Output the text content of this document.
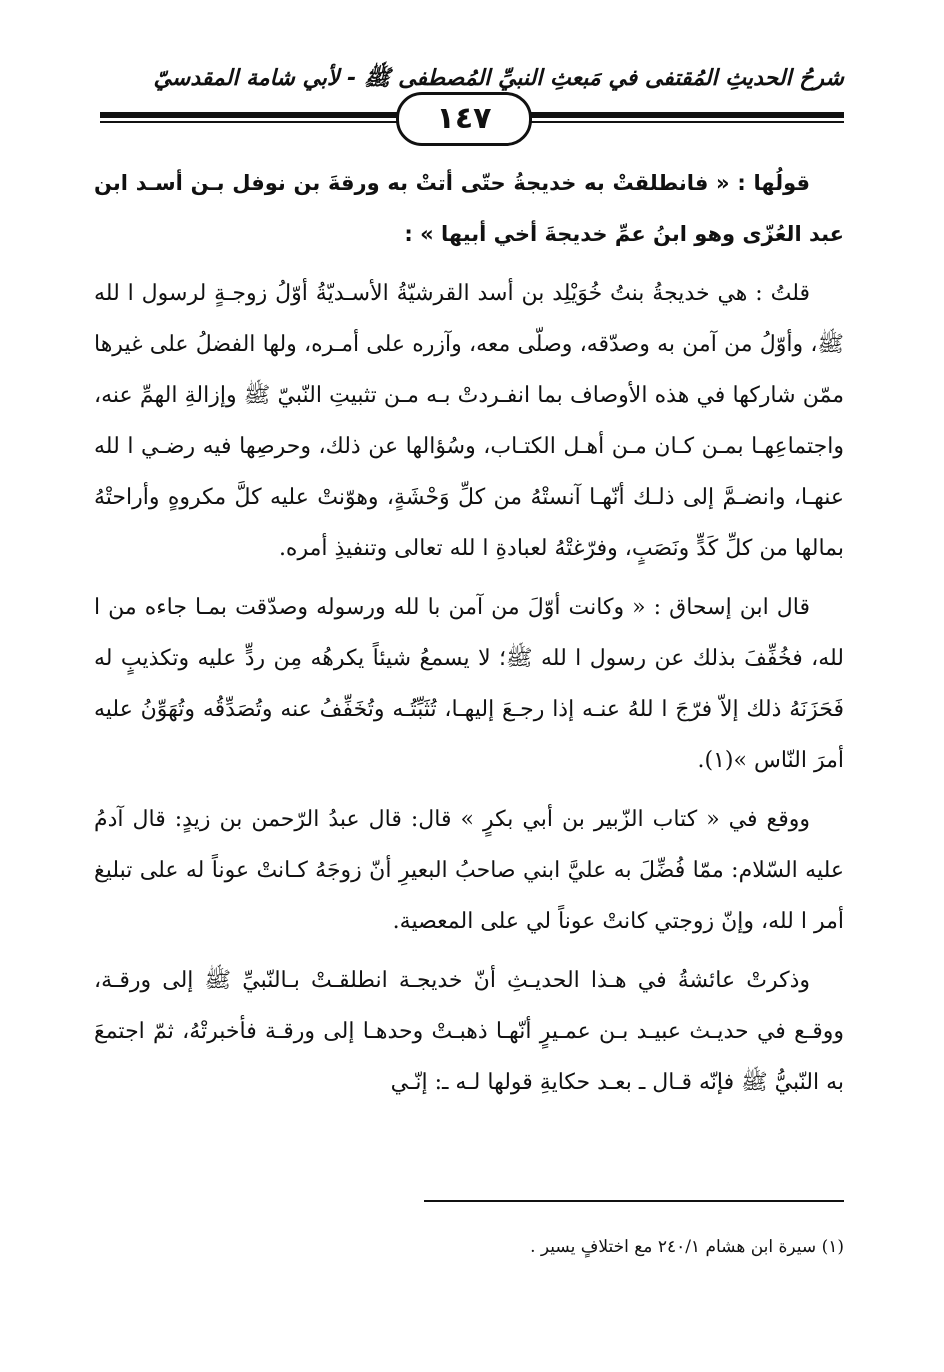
شرحُ الحديثِ المُقتفى في مَبعثِ النبيِّ المُصطفى ﷺ - لأبي شامة المقدسيّ
١٤٧

قولُها : « فانطلقتْ به خديجةُ حتّى أتتْ به ورقةَ بن نوفل بـن أسـد ابن عبد العُزّى وهو ابنُ عمِّ خديجةَ أخي أبيها » :

قلتُ : هي خديجةُ بنتُ خُوَيْلِد بن أسد القرشيّةُ الأسـديّةُ أوّلُ زوجـةٍ لرسول ا لله ﷺ، وأوّلُ من آمن به وصدّقه، وصلّى معه، وآزره على أمـره، ولها الفضلُ على غيرها ممّن شاركها في هذه الأوصاف بما انفـردتْ بـه مـن تثبيتِ النّبيّ ﷺ وإزالةِ الهمِّ عنه، واجتماعِهـا بمـن كـان مـن أهـل الكتـاب، وسُؤالها عن ذلك، وحرصِها فيه رضـي ا لله عنهـا، وانضـمَّ إلى ذلـك أنّهـا آنستْهُ من كلِّ وَحْشَةٍ، وهوّنتْ عليه كلَّ مكروهٍ وأراحتْهُ بمالها من كلِّ كَدٍّ ونَصَبٍ، وفرّغتْهُ لعبادةِ ا لله تعالى وتنفيذِ أمره.

قال ابن إسحاق : « وكانت أوّلَ من آمن با لله ورسوله وصدّقت بمـا جاءه من ا لله، فخُفِّفَ بذلك عن رسول ا لله ﷺ؛ لا يسمعُ شيئاً يكرهُه مِن ردٍّ عليه وتكذيبٍ له فَحَزَنَهُ ذلك إلاّ فرّجَ ا للهُ عنـه إذا رجـعَ إليهـا، تُثَبِّتُـه وتُخَفِّفُ عنه وتُصَدِّقُه وتُهَوِّنُ عليه أمرَ النّاس »(١).

ووقع في « كتاب الزّبير بن أبي بكرٍ » قال: قال عبدُ الرّحمن بن زيدٍ: قال آدمُ عليه السّلام: ممّا فُضِّلَ به عليَّ ابني صاحبُ البعيرِ أنّ زوجَهُ كـانتْ عوناً له على تبليغ أمر ا لله، وإنّ زوجتي كانتْ عوناً لي على المعصية.

وذكرتْ عائشةُ في هـذا الحديـثِ أنّ خديجـة انطلقـتْ بـالنّبيِّ ﷺ إلى ورقـة، ووقـع في حديـث عبيـد بـن عمـيرٍ أنّهـا ذهبـتْ وحدهـا إلى ورقـة فأخبرتْهُ، ثمّ اجتمعَ به النّبيُّ ﷺ فإنّه قـال ـ بعـد حكايةِ قولها لـه ـ: إنّـي

(١) سيرة ابن هشام ٢٤٠/١ مع اختلافٍ يسير .
